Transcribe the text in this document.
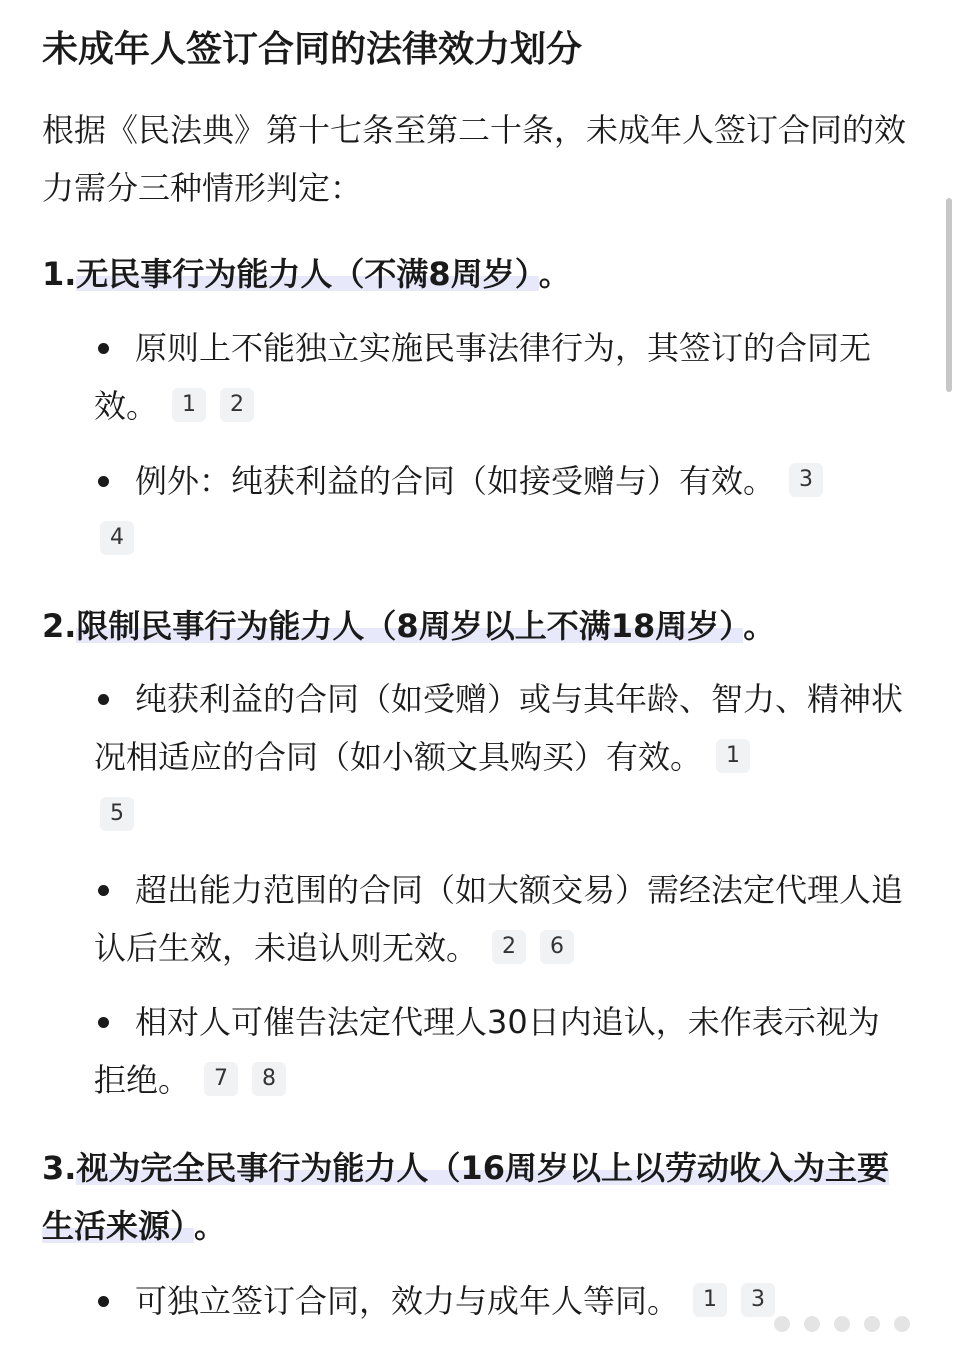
未成年人签订合同的法律效力划分
根据《民法典》第十七条至第二十条，未成年人签订合同的效力需分三种情形判定：
1.无民事行为能力人（不满8周岁） 。
原则上不能独立实施民事法律行为，其签订的合同无效。 1 2
例外：纯获利益的合同（如接受赠与）有效。 3
4
2.限制民事行为能力人（8周岁以上不满18周岁） 。
纯获利益的合同（如受赠）或与其年龄、智力、精神状况相适应的合同（如小额文具购买）有效。 1
5
超出能力范围的合同（如大额交易）需经法定代理人追认后生效，未追认则无效。 2 6
相对人可催告法定代理人30日内追认，未作表示视为拒绝。 7 8
3.视为完全民事行为能力人（16周岁以上以劳动收入为主要生活来源） 。
可独立签订合同，效力与成年人等同。 1 3
